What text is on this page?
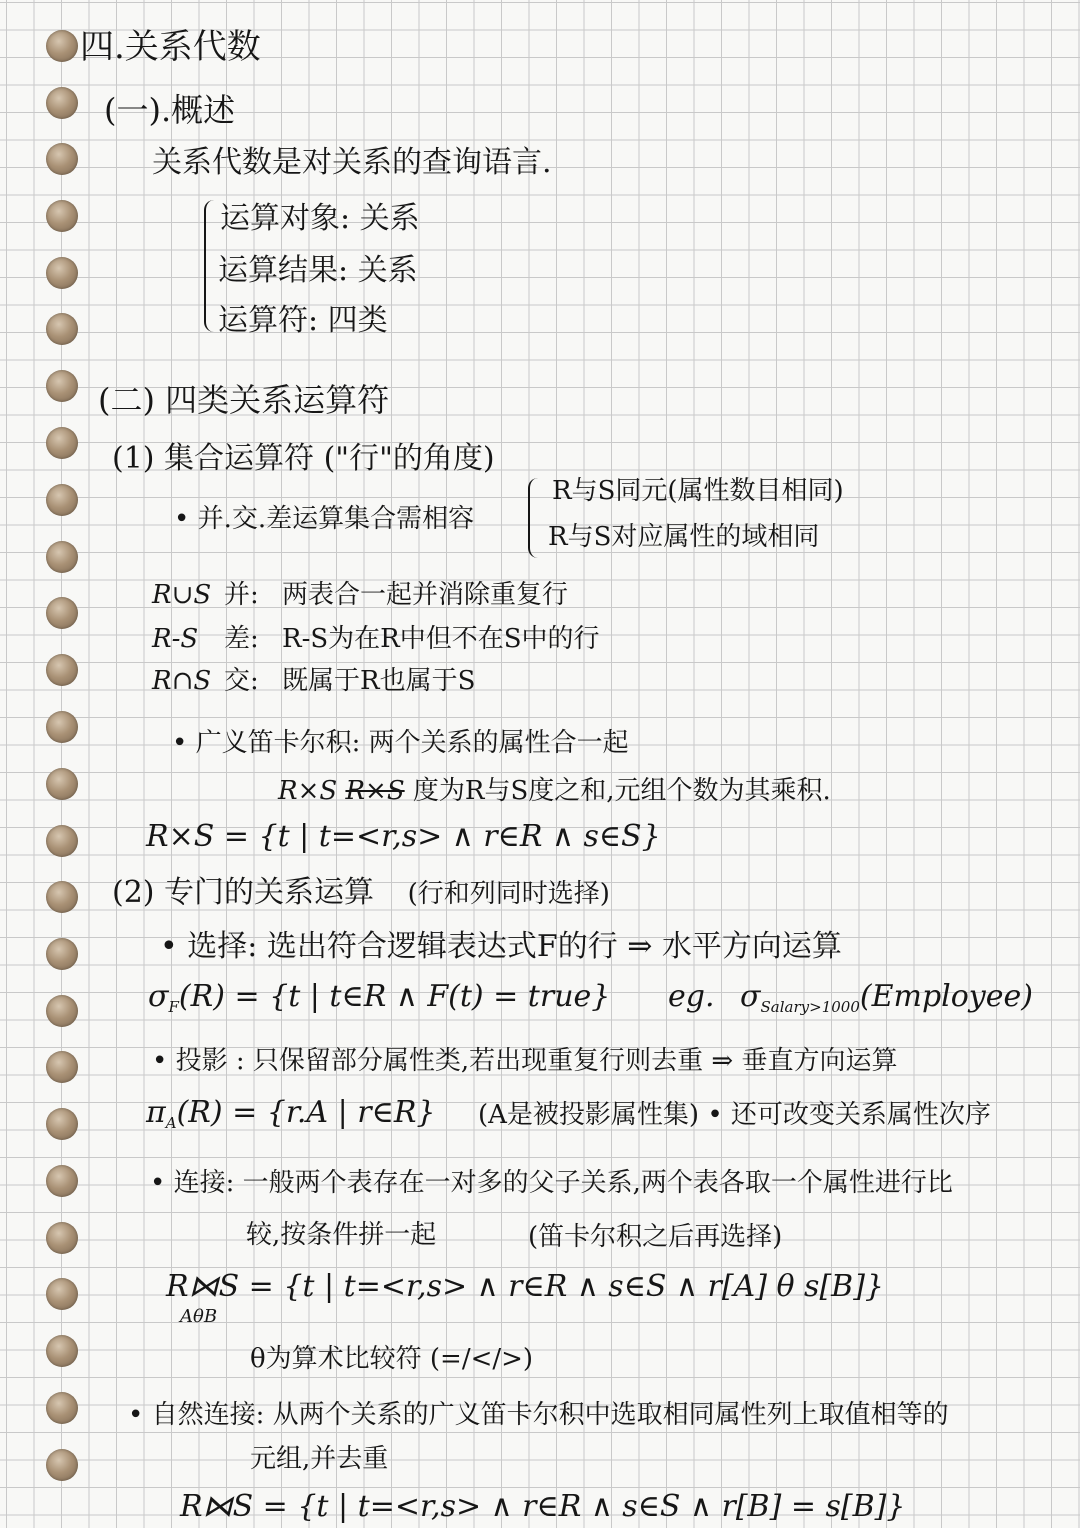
四.关系代数
(一).概述
关系代数是对关系的查询语言.
运算对象: 关系
运算结果: 关系
运算符: 四类
(二) 四类关系运算符
(1) 集合运算符 ("行"的角度)
• 并.交.差运算集合需相容
R与S同元(属性数目相同)
R与S对应属性的域相同
R∪S 并: 两表合一起并消除重复行
R-S 差: R-S为在R中但不在S中的行
R∩S 交: 既属于R也属于S
• 广义笛卡尔积: 两个关系的属性合一起
R×S R×S 度为R与S度之和,元组个数为其乘积.
R×S = {t | t=<r,s> ∧ r∈R ∧ s∈S}
(2) 专门的关系运算 (行和列同时选择)
• 选择: 选出符合逻辑表达式F的行 ⇒ 水平方向运算
$\sigma_F(R) = \{t$ | t∈R ∧ F(t) = true} eg. $\sigma_{Salary>1000}(Employee)$
• 投影 : 只保留部分属性类,若出现重复行则去重 ⇒ 垂直方向运算
$\pi_A(R) = \{r.A$ | r∈R} (A是被投影属性集) • 还可改变关系属性次序
• 连接: 一般两个表存在一对多的父子关系,两个表各取一个属性进行比
较,按条件拼一起	(笛卡尔积之后再选择)
R⋈S = {t | t=<r,s> ∧ r∈R ∧ s∈S ∧ r[A] θ s[B]}
AθB
θ为算术比较符 (=/</>)
• 自然连接: 从两个关系的广义笛卡尔积中选取相同属性列上取值相等的
元组,并去重
R⋈S = {t | t=<r,s> ∧ r∈R ∧ s∈S ∧ r[B] = s[B]}
